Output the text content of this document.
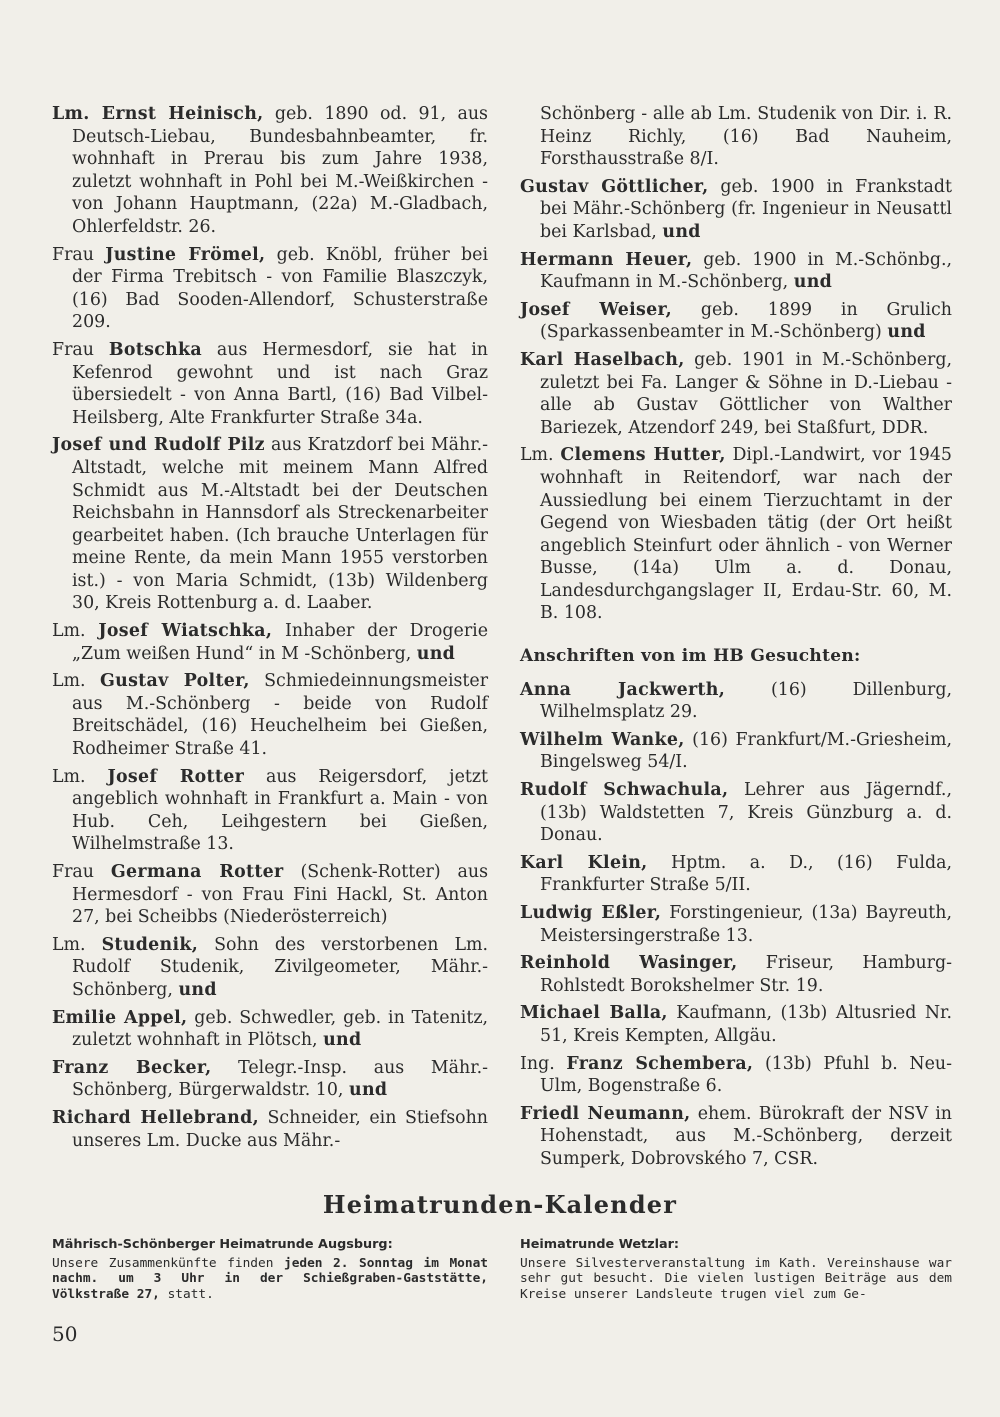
Lm. Ernst Heinisch, geb. 1890 od. 91, aus Deutsch-Liebau, Bundesbahnbeamter, fr. wohnhaft in Prerau bis zum Jahre 1938, zuletzt wohnhaft in Pohl bei M.-Weißkirchen - von Johann Hauptmann, (22a) M.-Gladbach, Ohlerfeldstr. 26.

Frau Justine Frömel, geb. Knöbl, früher bei der Firma Trebitsch - von Familie Blaszczyk, (16) Bad Sooden-Allendorf, Schusterstraße 209.

Frau Botschka aus Hermesdorf, sie hat in Kefenrod gewohnt und ist nach Graz übersiedelt - von Anna Bartl, (16) Bad Vilbel-Heilsberg, Alte Frankfurter Straße 34a.

Josef und Rudolf Pilz aus Kratzdorf bei Mähr.-Altstadt, welche mit meinem Mann Alfred Schmidt aus M.-Altstadt bei der Deutschen Reichsbahn in Hannsdorf als Streckenarbeiter gearbeitet haben. (Ich brauche Unterlagen für meine Rente, da mein Mann 1955 verstorben ist.) - von Maria Schmidt, (13b) Wildenberg 30, Kreis Rottenburg a. d. Laaber.

Lm. Josef Wiatschka, Inhaber der Drogerie „Zum weißen Hund“ in M -Schönberg, und

Lm. Gustav Polter, Schmiedeinnungsmeister aus M.-Schönberg - beide von Rudolf Breitschädel, (16) Heuchelheim bei Gießen, Rodheimer Straße 41.

Lm. Josef Rotter aus Reigersdorf, jetzt angeblich wohnhaft in Frankfurt a. Main - von Hub. Ceh, Leihgestern bei Gießen, Wilhelmstraße 13.

Frau Germana Rotter (Schenk-Rotter) aus Hermesdorf - von Frau Fini Hackl, St. Anton 27, bei Scheibbs (Niederösterreich)

Lm. Studenik, Sohn des verstorbenen Lm. Rudolf Studenik, Zivilgeometer, Mähr.-Schönberg, und

Emilie Appel, geb. Schwedler, geb. in Tatenitz, zuletzt wohnhaft in Plötsch, und

Franz Becker, Telegr.-Insp. aus Mähr.-Schönberg, Bürgerwaldstr. 10, und

Richard Hellebrand, Schneider, ein Stiefsohn unseres Lm. Ducke aus Mähr.-

Schönberg - alle ab Lm. Studenik von Dir. i. R. Heinz Richly, (16) Bad Nauheim, Forsthausstraße 8/I.

Gustav Göttlicher, geb. 1900 in Frankstadt bei Mähr.-Schönberg (fr. Ingenieur in Neusattl bei Karlsbad, und

Hermann Heuer, geb. 1900 in M.-Schönbg., Kaufmann in M.-Schönberg, und

Josef Weiser, geb. 1899 in Grulich (Sparkassenbeamter in M.-Schönberg) und

Karl Haselbach, geb. 1901 in M.-Schönberg, zuletzt bei Fa. Langer & Söhne in D.-Liebau - alle ab Gustav Göttlicher von Walther Bariezek, Atzendorf 249, bei Staßfurt, DDR.

Lm. Clemens Hutter, Dipl.-Landwirt, vor 1945 wohnhaft in Reitendorf, war nach der Aussiedlung bei einem Tierzuchtamt in der Gegend von Wiesbaden tätig (der Ort heißt angeblich Steinfurt oder ähnlich - von Werner Busse, (14a) Ulm a. d. Donau, Landesdurchgangslager II, Erdau-Str. 60, M. B. 108.

Anschriften von im HB Gesuchten:

Anna Jackwerth,	(16) Dillenburg, Wilhelmsplatz 29.

Wilhelm Wanke, (16) Frankfurt/M.-Griesheim, Bingelsweg 54/I.

Rudolf Schwachula, Lehrer aus Jägerndf., (13b) Waldstetten 7, Kreis Günzburg a. d. Donau.

Karl Klein, Hptm. a. D., (16) Fulda, Frankfurter Straße 5/II.

Ludwig Eßler, Forstingenieur, (13a) Bayreuth, Meistersingerstraße 13.

Reinhold Wasinger, Friseur, Hamburg-Rohlstedt Borokshelmer Str. 19.

Michael Balla, Kaufmann, (13b) Altusried Nr. 51, Kreis Kempten, Allgäu.

Ing. Franz Schembera, (13b) Pfuhl b. Neu-Ulm, Bogenstraße 6.

Friedl Neumann, ehem. Bürokraft der NSV in Hohenstadt, aus M.-Schönberg, derzeit Sumperk, Dobrovského 7, CSR.

Heimatrunden-Kalender
Mährisch-Schönberger Heimatrunde Augsburg:
Unsere Zusammenkünfte finden jeden 2. Sonntag im Monat nachm. um 3 Uhr in der Schießgraben-Gaststätte, Völkstraße 27, statt.
Heimatrunde Wetzlar:
Unsere Silvesterveranstaltung im Kath. Vereinshause war sehr gut besucht. Die vielen lustigen Beiträge aus dem Kreise unserer Landsleute trugen viel zum Ge-
50
